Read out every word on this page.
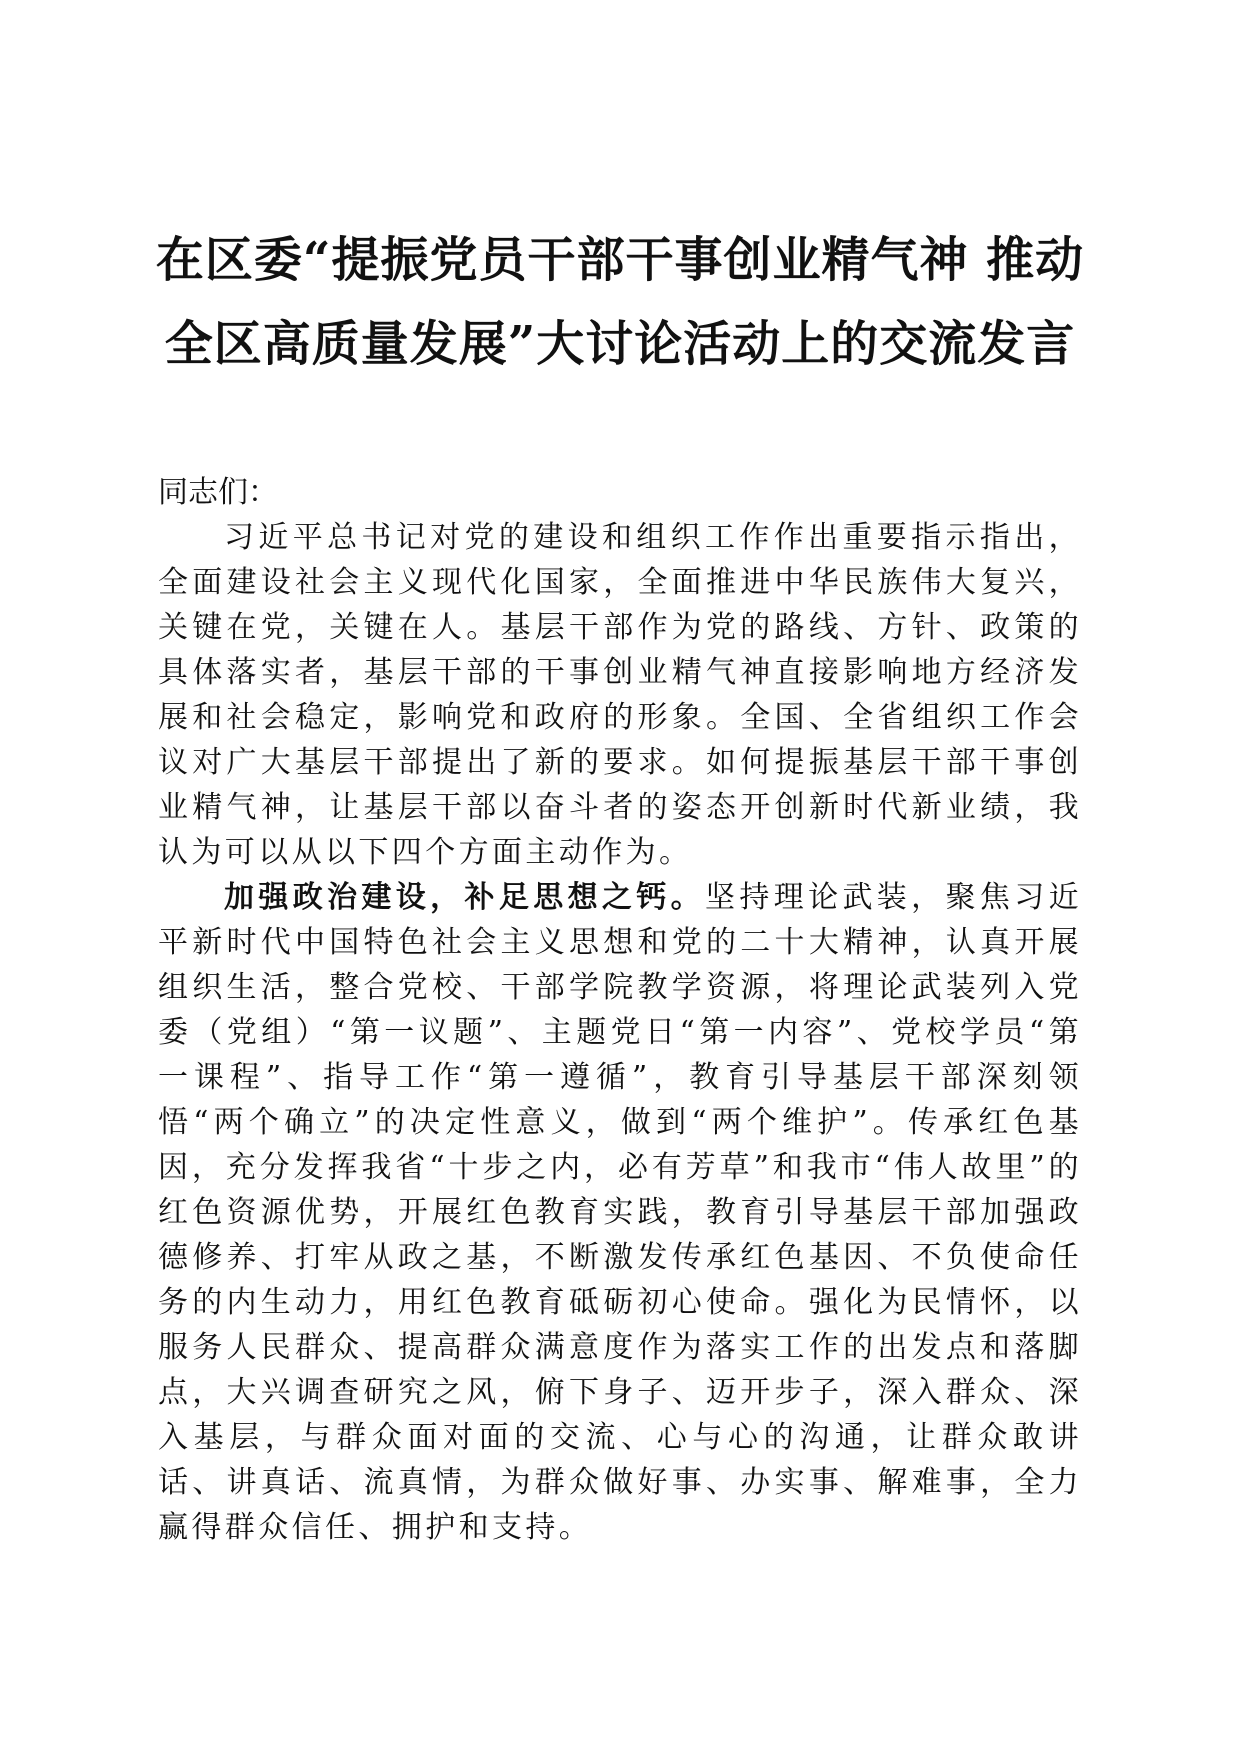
在区委“提振党员干部干事创业精气神 推动
全区高质量发展”大讨论活动上的交流发言

同志们：

习近平总书记对党的建设和组织工作作出重要指示指出，全面建设社会主义现代化国家，全面推进中华民族伟大复兴，关键在党，关键在人。基层干部作为党的路线、方针、政策的具体落实者，基层干部的干事创业精气神直接影响地方经济发展和社会稳定，影响党和政府的形象。全国、全省组织工作会议对广大基层干部提出了新的要求。如何提振基层干部干事创业精气神，让基层干部以奋斗者的姿态开创新时代新业绩，我认为可以从以下四个方面主动作为。

加强政治建设，补足思想之钙。坚持理论武装，聚焦习近平新时代中国特色社会主义思想和党的二十大精神，认真开展组织生活，整合党校、干部学院教学资源，将理论武装列入党委（党组）“第一议题”、主题党日“第一内容”、党校学员“第一课程”、指导工作“第一遵循”，教育引导基层干部深刻领悟“两个确立”的决定性意义，做到“两个维护”。传承红色基因，充分发挥我省“十步之内，必有芳草”和我市“伟人故里”的红色资源优势，开展红色教育实践，教育引导基层干部加强政德修养、打牢从政之基，不断激发传承红色基因、不负使命任务的内生动力，用红色教育砥砺初心使命。强化为民情怀，以服务人民群众、提高群众满意度作为落实工作的出发点和落脚点，大兴调查研究之风，俯下身子、迈开步子，深入群众、深入基层，与群众面对面的交流、心与心的沟通，让群众敢讲话、讲真话、流真情，为群众做好事、办实事、解难事，全力赢得群众信任、拥护和支持。
